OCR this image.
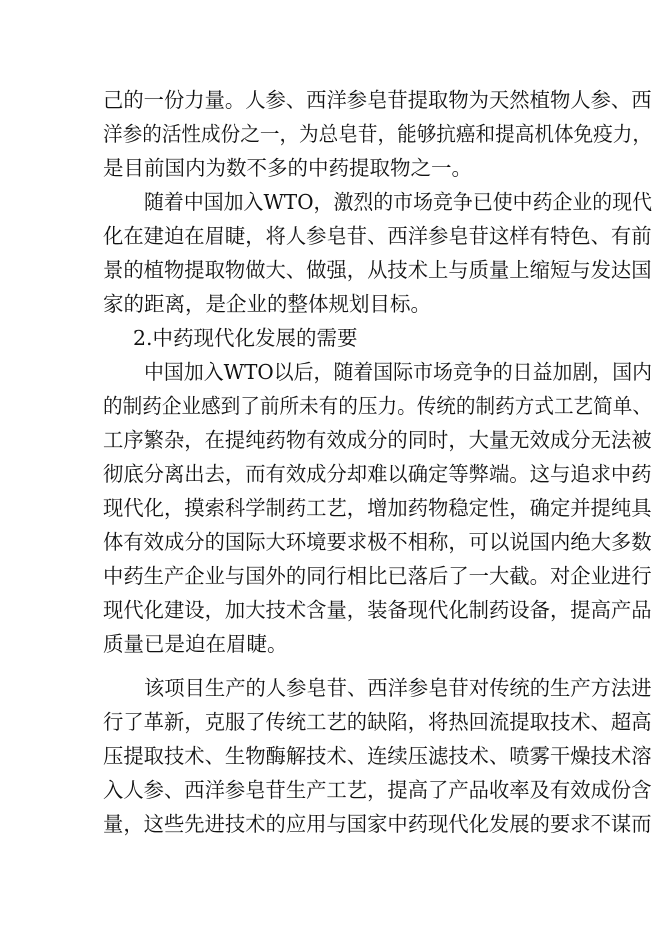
己的一份力量。人参、西洋参皂苷提取物为天然植物人参、西
洋参的活性成份之一，为总皂苷，能够抗癌和提高机体免疫力，
是目前国内为数不多的中药提取物之一。
随着中国加入WTO，激烈的市场竞争已使中药企业的现代
化在建迫在眉睫，将人参皂苷、西洋参皂苷这样有特色、有前
景的植物提取物做大、做强，从技术上与质量上缩短与发达国
家的距离，是企业的整体规划目标。
2.中药现代化发展的需要
中国加入WTO以后，随着国际市场竞争的日益加剧，国内
的制药企业感到了前所未有的压力。传统的制药方式工艺简单、
工序繁杂，在提纯药物有效成分的同时，大量无效成分无法被
彻底分离出去，而有效成分却难以确定等弊端。这与追求中药
现代化，摸索科学制药工艺，增加药物稳定性，确定并提纯具
体有效成分的国际大环境要求极不相称，可以说国内绝大多数
中药生产企业与国外的同行相比已落后了一大截。对企业进行
现代化建设，加大技术含量，装备现代化制药设备，提高产品
质量已是迫在眉睫。
该项目生产的人参皂苷、西洋参皂苷对传统的生产方法进
行了革新，克服了传统工艺的缺陷，将热回流提取技术、超高
压提取技术、生物酶解技术、连续压滤技术、喷雾干燥技术溶
入人参、西洋参皂苷生产工艺，提高了产品收率及有效成份含
量，这些先进技术的应用与国家中药现代化发展的要求不谋而
